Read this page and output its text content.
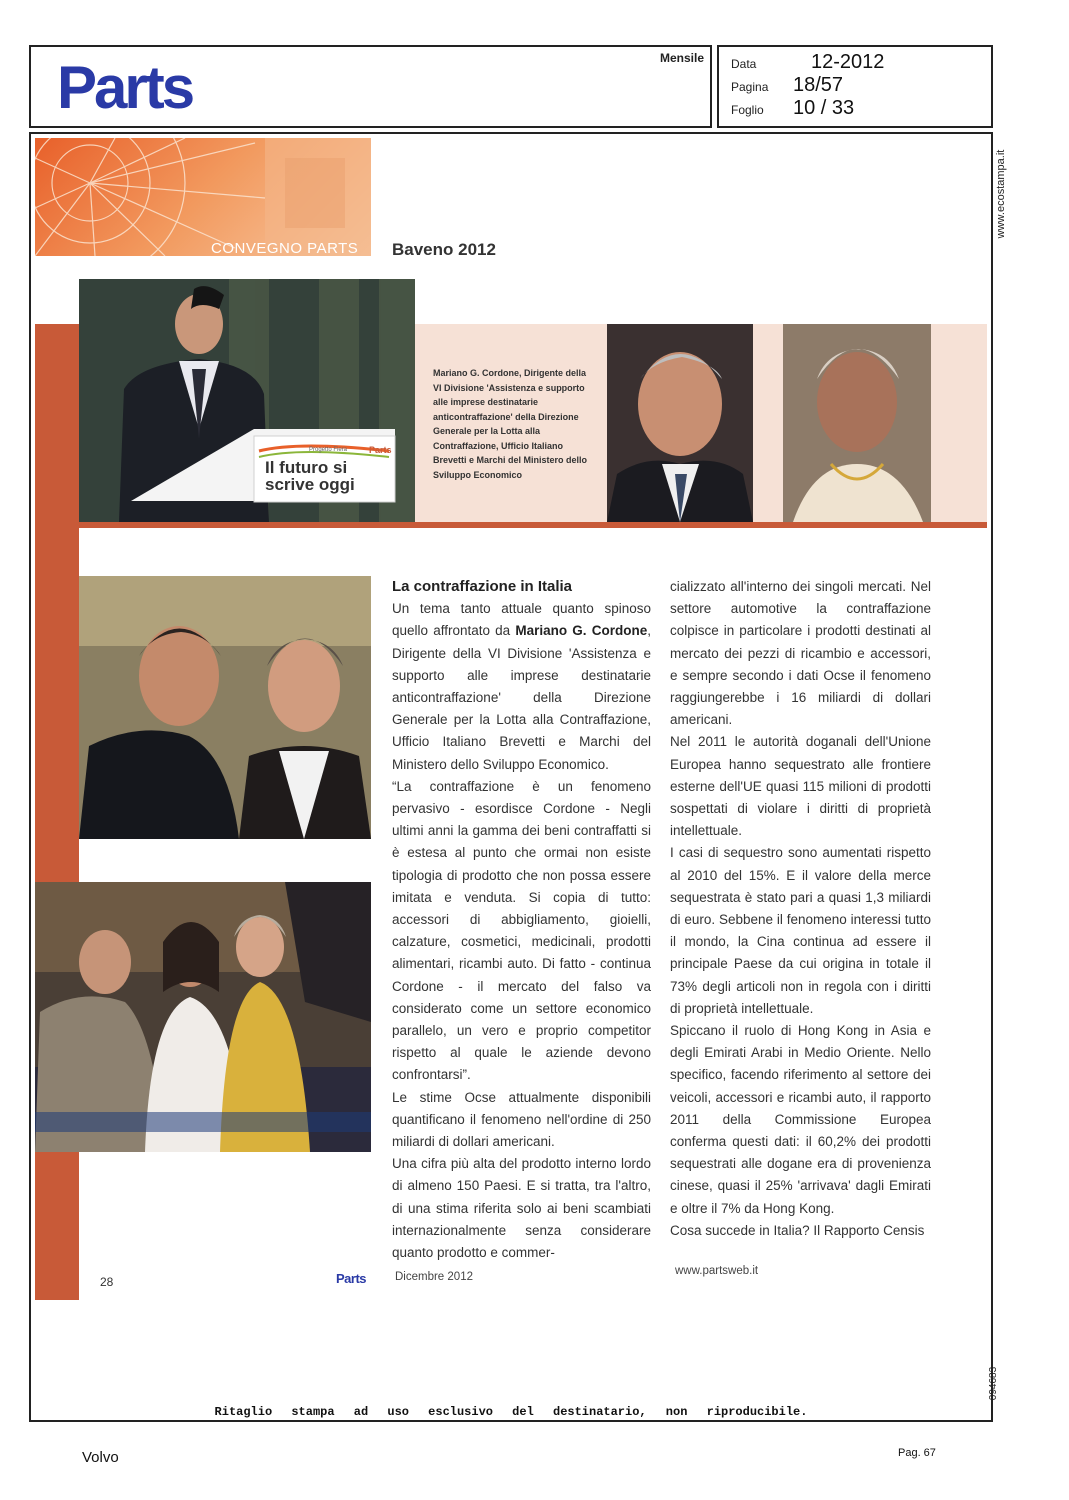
Parts	Mensile Data	12-2012
Pagina 18/57
Foglio 10 / 33
www.ecostampa.it
094683
Ritaglio stampa ad uso esclusivo del destinatario, non riproducibile.
CONVEGNO PARTS Baveno 2012
Parts
Progetto Fiera
Il futuro si scrive oggi
Mariano G. Cordone, Dirigente della VI Divisione 'Assistenza e supporto alle imprese destinatarie anticontraffazione' della Direzione Generale per la Lotta alla Contraffazione, Ufficio Italiano Brevetti e Marchi del Ministero dello Sviluppo Economico

La contraffazione in Italia

Un tema tanto attuale quanto spinoso quello affrontato da Mariano G. Cordone, Dirigente della VI Divisione 'Assistenza e supporto alle imprese destinatarie anticontraffazione' della Direzione Generale per la Lotta alla Contraffazione, Ufficio Italiano Brevetti e Marchi del Ministero dello Sviluppo Economico.

“La contraffazione è un fenomeno pervasivo - esordisce Cordone - Negli ultimi anni la gamma dei beni contraffatti si è estesa al punto che ormai non esiste tipologia di prodotto che non possa essere imitata e venduta. Si copia di tutto: accessori di abbigliamento, gioielli, calzature, cosmetici, medicinali, prodotti alimentari, ricambi auto. Di fatto - continua Cordone - il mercato del falso va considerato come un settore economico parallelo, un vero e proprio competitor rispetto al quale le aziende devono confrontarsi”.

Le stime Ocse attualmente disponibili quantificano il fenomeno nell'ordine di 250 miliardi di dollari americani.

Una cifra più alta del prodotto interno lordo di almeno 150 Paesi. E si tratta, tra l'altro, di una stima riferita solo ai beni scambiati internazionalmente senza considerare quanto prodotto e commer-

cializzato all'interno dei singoli mercati. Nel settore automotive la contraffazione colpisce in particolare i prodotti destinati al mercato dei pezzi di ricambio e accessori, e sempre secondo i dati Ocse il fenomeno raggiungerebbe i 16 miliardi di dollari americani.

Nel 2011 le autorità doganali dell'Unione Europea hanno sequestrato alle frontiere esterne dell'UE quasi 115 milioni di prodotti sospettati di violare i diritti di proprietà intellettuale.

I casi di sequestro sono aumentati rispetto al 2010 del 15%. E il valore della merce sequestrata è stato pari a quasi 1,3 miliardi di euro. Sebbene il fenomeno interessi tutto il mondo, la Cina continua ad essere il principale Paese da cui origina in totale il 73% degli articoli non in regola con i diritti di proprietà intellettuale.

Spiccano il ruolo di Hong Kong in Asia e degli Emirati Arabi in Medio Oriente. Nello specifico, facendo riferimento al settore dei veicoli, accessori e ricambi auto, il rapporto 2011 della Commissione Europea conferma questi dati: il 60,2% dei prodotti sequestrati alle dogane era di provenienza cinese, quasi il 25% 'arrivava' dagli Emirati e oltre il 7% da Hong Kong.

Cosa succede in Italia? Il Rapporto Censis

28	Parts	Dicembre 2012	www.partsweb.it
Volvo	Pag. 67
